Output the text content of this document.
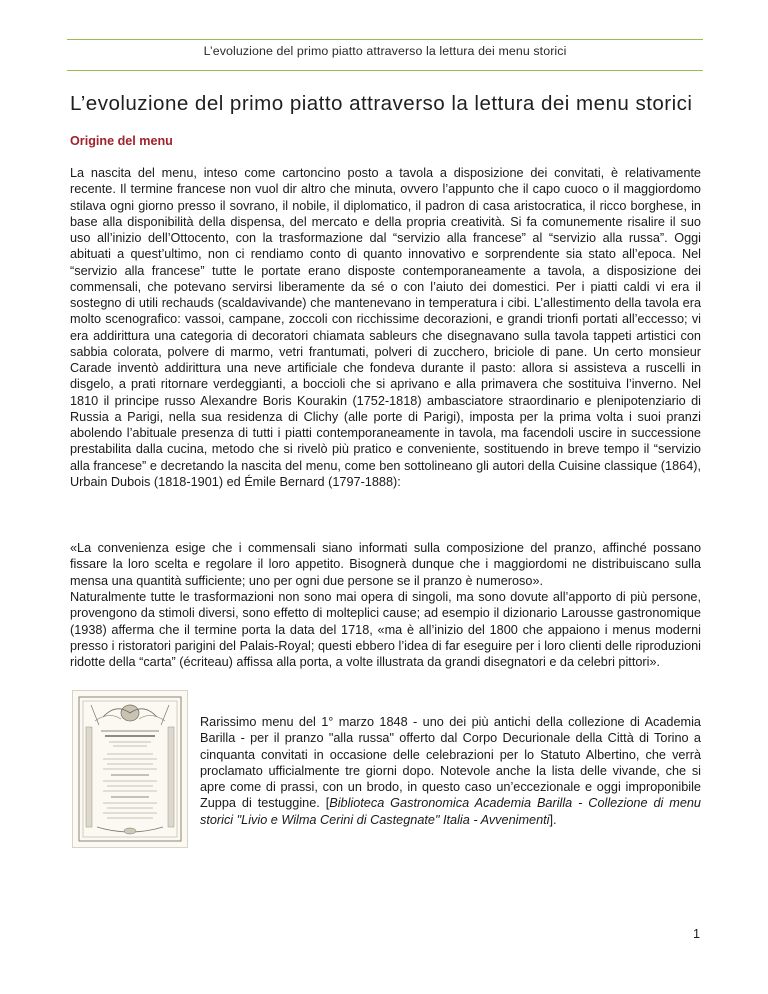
L’evoluzione del primo piatto attraverso la lettura dei menu storici
L’evoluzione del primo piatto attraverso la lettura dei menu storici
Origine del menu

La nascita del menu, inteso come cartoncino posto a tavola a disposizione dei convitati, è relativamente recente. Il termine francese non vuol dir altro che minuta, ovvero l’appunto che il capo cuoco o il maggiordomo stilava ogni giorno presso il sovrano, il nobile, il diplomatico, il padron di casa aristocratica, il ricco borghese, in base alla disponibilità della dispensa, del mercato e della propria creatività. Si fa comunemente risalire il suo uso all’inizio dell’Ottocento, con la trasformazione dal “servizio alla francese” al “servizio alla russa”. Oggi abituati a quest’ultimo, non ci rendiamo conto di quanto innovativo e sorprendente sia stato all’epoca. Nel “servizio alla francese” tutte le portate erano disposte contemporaneamente a tavola, a disposizione dei commensali, che potevano servirsi liberamente da sé o con l’aiuto dei domestici. Per i piatti caldi vi era il sostegno di utili rechauds (scaldavivande) che mantenevano in temperatura i cibi. L’allestimento della tavola era molto scenografico: vassoi, campane, zoccoli con ricchissime decorazioni, e grandi trionfi portati all’eccesso; vi era addirittura una categoria di decoratori chiamata sableurs che disegnavano sulla tavola tappeti artistici con sabbia colorata, polvere di marmo, vetri frantumati, polveri di zucchero, briciole di pane. Un certo monsieur Carade inventò addirittura una neve artificiale che fondeva durante il pasto: allora si assisteva a ruscelli in disgelo, a prati ritornare verdeggianti, a boccioli che si aprivano e alla primavera che sostituiva l’inverno. Nel 1810 il principe russo Alexandre Boris Kourakin (1752-1818) ambasciatore straordinario e plenipotenziario di Russia a Parigi, nella sua residenza di Clichy (alle porte di Parigi), imposta per la prima volta i suoi pranzi abolendo l’abituale presenza di tutti i piatti contemporaneamente in tavola, ma facendoli uscire in successione prestabilita dalla cucina, metodo che si rivelò più pratico e conveniente, sostituendo in breve tempo il “servizio alla francese” e decretando la nascita del menu, come ben sottolineano gli autori della Cuisine classique (1864), Urbain Dubois (1818-1901) ed Émile Bernard (1797-1888):

«La convenienza esige che i commensali siano informati sulla composizione del pranzo, affinché possano fissare la loro scelta e regolare il loro appetito. Bisognerà dunque che i maggiordomi ne distribuiscano sulla mensa una quantità sufficiente; uno per ogni due persone se il pranzo è numeroso».

Naturalmente tutte le trasformazioni non sono mai opera di singoli, ma sono dovute all’apporto di più persone, provengono da stimoli diversi, sono effetto di molteplici cause; ad esempio il dizionario Larousse gastronomique (1938) afferma che il termine porta la data del 1718, «ma è all’inizio del 1800 che appaiono i menus moderni presso i ristoratori parigini del Palais-Royal; questi ebbero l’idea di far eseguire per i loro clienti delle riproduzioni ridotte della “carta” (écriteau) affissa alla porta, a volte illustrata da grandi disegnatori e da celebri pittori».

Rarissimo menu del 1° marzo 1848 - uno dei più antichi della collezione di Academia Barilla - per il pranzo "alla russa" offerto dal Corpo Decurionale della Città di Torino a cinquanta convitati in occasione delle celebrazioni per lo Statuto Albertino, che verrà proclamato ufficialmente tre giorni dopo. Notevole anche la lista delle vivande, che si apre come di prassi, con un brodo, in questo caso un’eccezionale e oggi improponibile Zuppa di testuggine. [Biblioteca Gastronomica Academia Barilla - Collezione di menu storici "Livio e Wilma Cerini di Castegnate" Italia - Avvenimenti].

1
